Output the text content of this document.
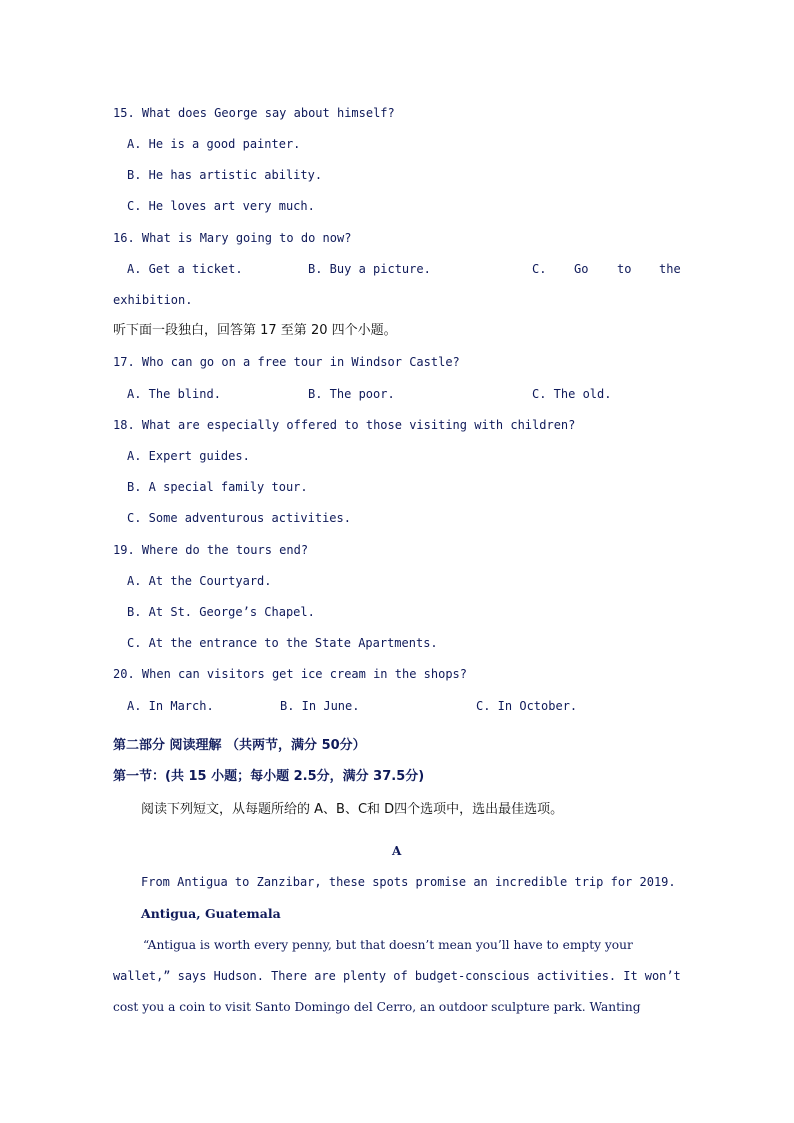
15. What does George say about himself?
A. He is a good painter.
B. He has artistic ability.
C. He loves art very much.
16. What is Mary going to do now?
A. Get a ticket.	B. Buy a picture.	C. Go to the
exhibition.
听下面一段独白，回答第 17 至第 20 四个小题。
17. Who can go on a free tour in Windsor Castle?
A. The blind.	B. The poor.	C. The old.
18. What are especially offered to those visiting with children?
A. Expert guides.
B. A special family tour.
C. Some adventurous activities.
19. Where do the tours end?
A. At the Courtyard.
B. At St. George’s Chapel.
C. At the entrance to the State Apartments.
20. When can visitors get ice cream in the shops?
A. In March.	B. In June.	C. In October.
第二部分 阅读理解 （共两节，满分 50分）
第一节：(共 15 小题；每小题 2.5分，满分 37.5分)
阅读下列短文，从每题所给的 A、B、C和 D四个选项中，选出最佳选项。
A
From Antigua to Zanzibar, these spots promise an incredible trip for 2019.
Antigua, Guatemala
“Antigua is worth every penny, but that doesn’t mean you’ll have to empty your
wallet,” says Hudson. There are plenty of budget-conscious activities. It won’t
cost you a coin to visit Santo Domingo del Cerro, an outdoor sculpture park. Wanting
